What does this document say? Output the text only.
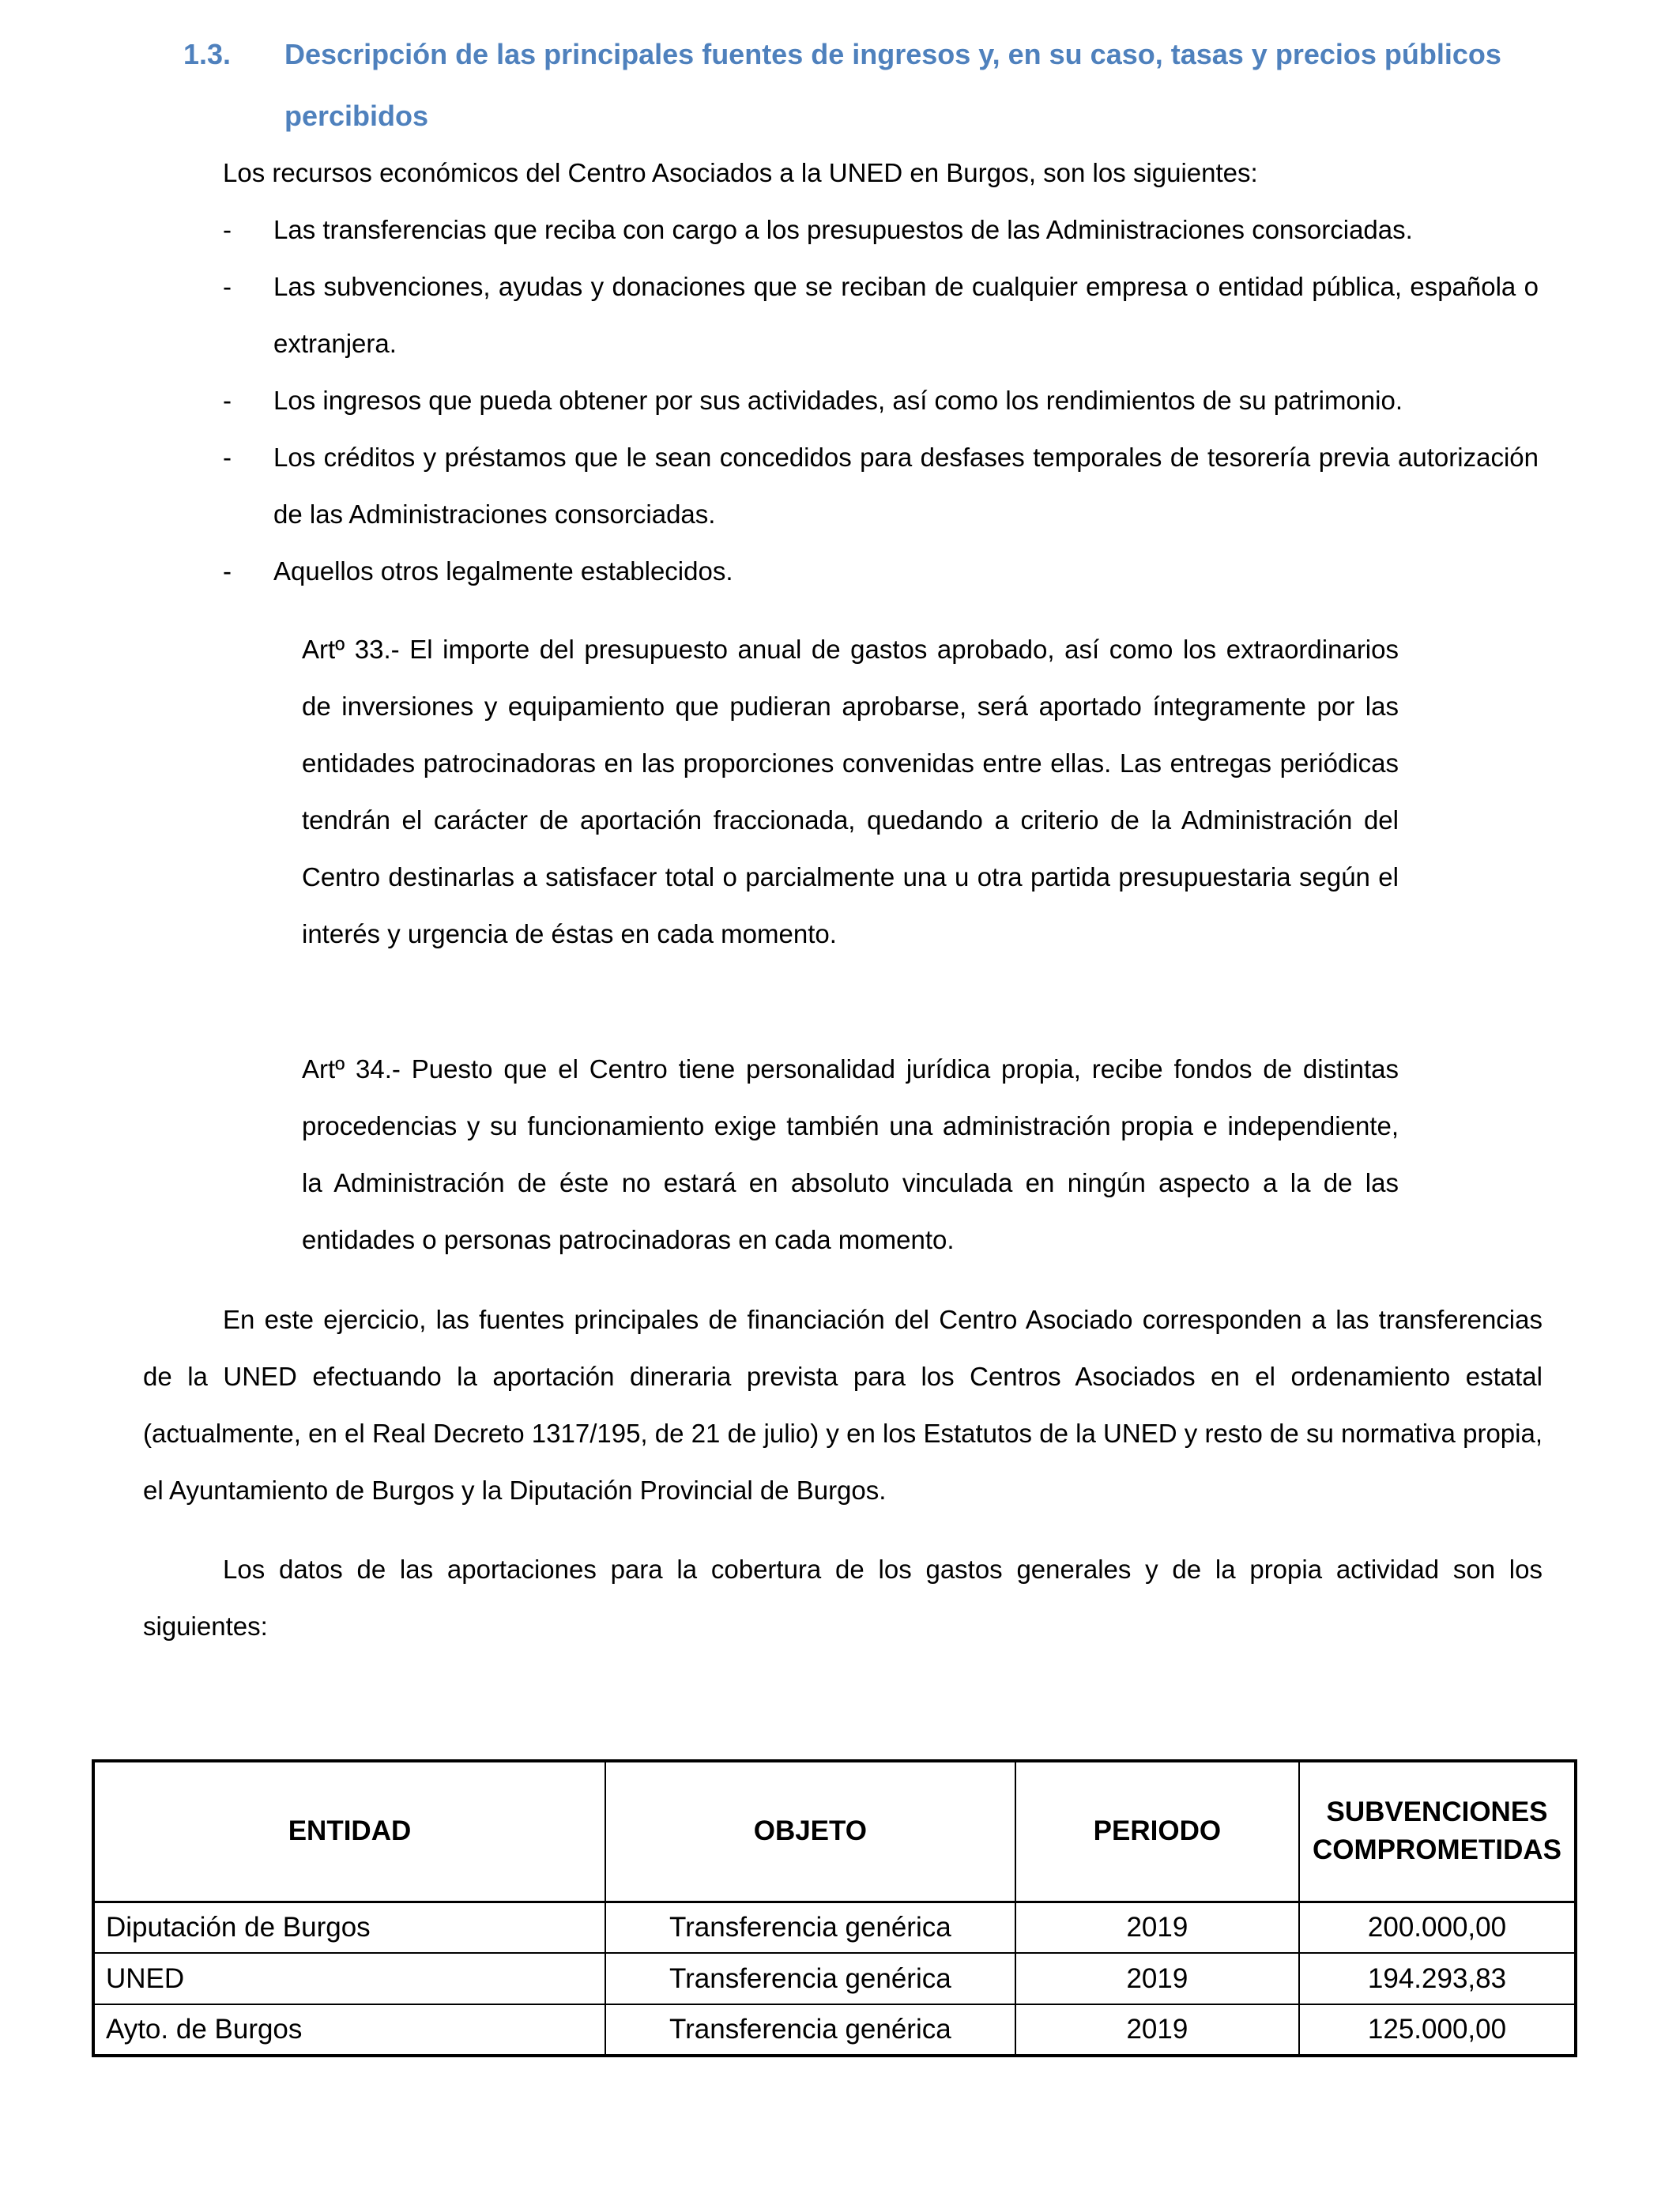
1.3. Descripción de las principales fuentes de ingresos y, en su caso, tasas y precios públicos percibidos

Los recursos económicos del Centro Asociados a la UNED en Burgos, son los siguientes:

- Las transferencias que reciba con cargo a los presupuestos de las Administraciones consorciadas.
- Las subvenciones, ayudas y donaciones que se reciban de cualquier empresa o entidad pública, española o extranjera.
- Los ingresos que pueda obtener por sus actividades, así como los rendimientos de su patrimonio.
- Los créditos y préstamos que le sean concedidos para desfases temporales de tesorería previa autorización de las Administraciones consorciadas.
- Aquellos otros legalmente establecidos.

Artº 33.- El importe del presupuesto anual de gastos aprobado, así como los extraordinarios de inversiones y equipamiento que pudieran aprobarse, será aportado íntegramente por las entidades patrocinadoras en las proporciones convenidas entre ellas. Las entregas periódicas tendrán el carácter de aportación fraccionada, quedando a criterio de la Administración del Centro destinarlas a satisfacer total o parcialmente una u otra partida presupuestaria según el interés y urgencia de éstas en cada momento.

Artº 34.- Puesto que el Centro tiene personalidad jurídica propia, recibe fondos de distintas procedencias y su funcionamiento exige también una administración propia e independiente, la Administración de éste no estará en absoluto vinculada en ningún aspecto a la de las entidades o personas patrocinadoras en cada momento.

En este ejercicio, las fuentes principales de financiación del Centro Asociado corresponden a las transferencias de la UNED efectuando la aportación dineraria prevista para los Centros Asociados en el ordenamiento estatal (actualmente, en el Real Decreto 1317/195, de 21 de julio) y en los Estatutos de la UNED y resto de su normativa propia, el Ayuntamiento de Burgos y la Diputación Provincial de Burgos.

Los datos de las aportaciones para la cobertura de los gastos generales y de la propia actividad son los siguientes:

ENTIDAD	OBJETO	PERIODO	SUBVENCIONES COMPROMETIDAS
Diputación de Burgos	Transferencia genérica	2019	200.000,00
UNED	Transferencia genérica	2019	194.293,83
Ayto. de Burgos	Transferencia genérica	2019	125.000,00
